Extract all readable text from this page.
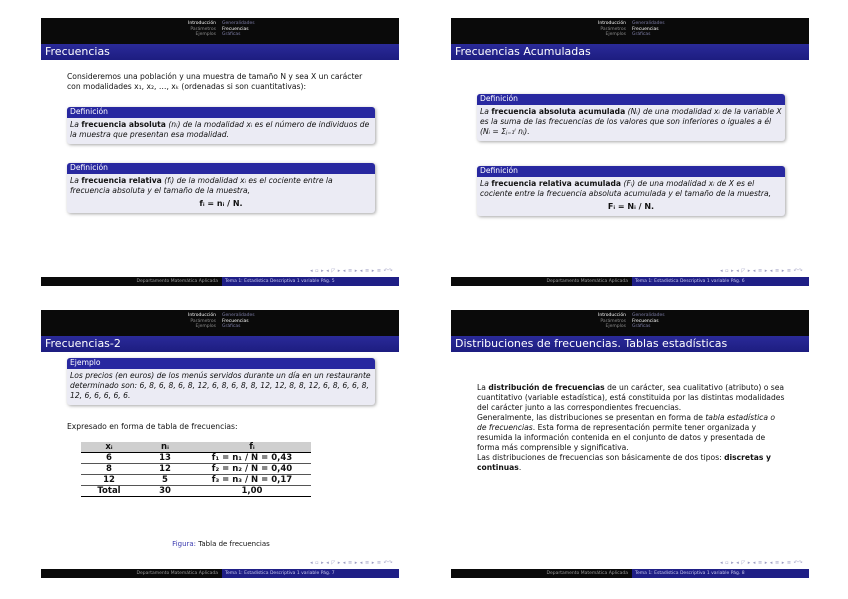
Introducción
Parámetros
Ejemplos
Generalidades
Frecuencias
Gráficas
Frecuencias

Consideremos una población y una muestra de tamaño N y sea X un carácter con modalidades x₁, x₂, …, xₖ (ordenadas si son cuantitativas):

Definición
La frecuencia absoluta (nᵢ) de la modalidad xᵢ es el número de individuos de la muestra que presentan esa modalidad.
Definición
La frecuencia relativa (fᵢ) de la modalidad xᵢ es el cociente entre la frecuencia absoluta y el tamaño de la muestra,
fᵢ = nᵢ / N.
◂ ▫ ▸ ◂ ◸ ▸ ◂ ≡ ▸ ◂ ≡ ▸ ≡ ↶↷
Departamento Matemática Aplicada	Tema 1: Estadística Descriptiva 1 variable Pág. 5
Introducción
Parámetros
Ejemplos
Generalidades
Frecuencias
Gráficas
Frecuencias Acumuladas
Definición
La frecuencia absoluta acumulada (Nᵢ) de una modalidad xᵢ de la variable X es la suma de las frecuencias de los valores que son inferiores o iguales a él (Nᵢ = Σⱼ₌₁ⁱ nⱼ).
Definición
La frecuencia relativa acumulada (Fᵢ) de una modalidad xᵢ de X es el cociente entre la frecuencia absoluta acumulada y el tamaño de la muestra,
Fᵢ = Nᵢ / N.
◂ ▫ ▸ ◂ ◸ ▸ ◂ ≡ ▸ ◂ ≡ ▸ ≡ ↶↷
Departamento Matemática Aplicada	Tema 1: Estadística Descriptiva 1 variable Pág. 6
Introducción
Parámetros
Ejemplos
Generalidades
Frecuencias
Gráficas
Frecuencias-2
Ejemplo
Los precios (en euros) de los menús servidos durante un día en un restaurante determinado son: 6, 8, 6, 8, 6, 8, 12, 6, 8, 6, 8, 8, 12, 12, 8, 8, 12, 6, 8, 6, 6, 8, 12, 6, 6, 6, 6, 6.

Expresado en forma de tabla de frecuencias:

xᵢ	nᵢ	fᵢ
6	13	f₁ = n₁ / N = 0,43
8	12	f₂ = n₂ / N = 0,40
12	5	f₃ = n₃ / N = 0,17
Total	30	1,00
Figura: Tabla de frecuencias
◂ ▫ ▸ ◂ ◸ ▸ ◂ ≡ ▸ ◂ ≡ ▸ ≡ ↶↷
Departamento Matemática Aplicada	Tema 1: Estadística Descriptiva 1 variable Pág. 7
Introducción
Parámetros
Ejemplos
Generalidades
Frecuencias
Gráficas
Distribuciones de frecuencias. Tablas estadísticas

La distribución de frecuencias de un carácter, sea cualitativo (atributo) o sea cuantitativo (variable estadística), está constituida por las distintas modalidades del carácter junto a las correspondientes frecuencias.

Generalmente, las distribuciones se presentan en forma de tabla estadística o de frecuencias. Esta forma de representación permite tener organizada y resumida la información contenida en el conjunto de datos y presentada de forma más comprensible y significativa.

Las distribuciones de frecuencias son básicamente de dos tipos: discretas y continuas.

◂ ▫ ▸ ◂ ◸ ▸ ◂ ≡ ▸ ◂ ≡ ▸ ≡ ↶↷
Departamento Matemática Aplicada	Tema 1: Estadística Descriptiva 1 variable Pág. 8
